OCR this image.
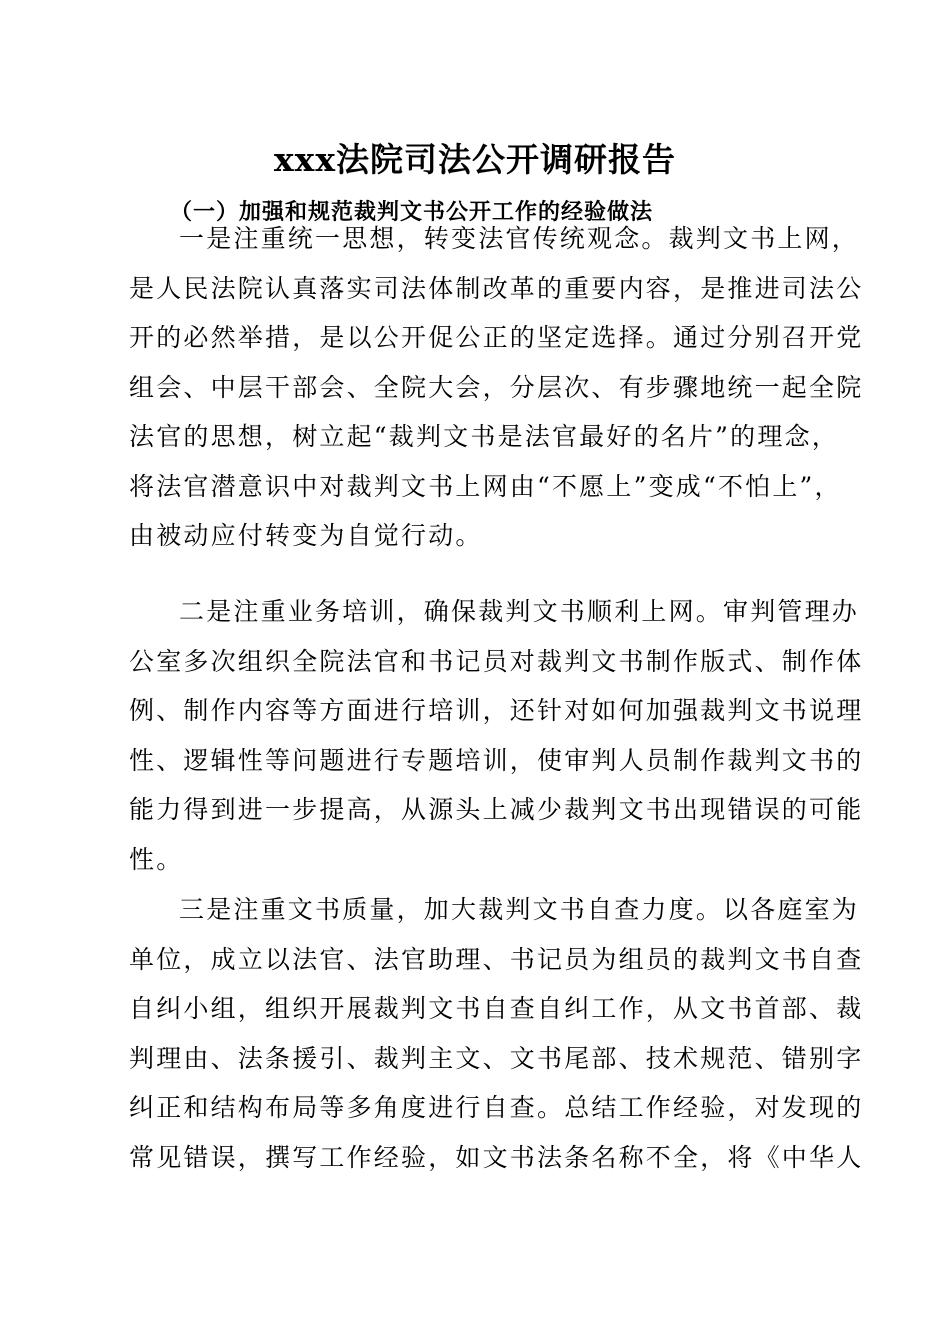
xxx法院司法公开调研报告
（一）加强和规范裁判文书公开工作的经验做法
一是注重统一思想，转变法官传统观念。裁判文书上网，
是人民法院认真落实司法体制改革的重要内容，是推进司法公
开的必然举措，是以公开促公正的坚定选择。通过分别召开党
组会、中层干部会、全院大会，分层次、有步骤地统一起全院
法官的思想，树立起“裁判文书是法官最好的名片”的理念，
将法官潜意识中对裁判文书上网由“不愿上”变成“不怕上”，
由被动应付转变为自觉行动。
二是注重业务培训，确保裁判文书顺利上网。审判管理办
公室多次组织全院法官和书记员对裁判文书制作版式、制作体
例、制作内容等方面进行培训，还针对如何加强裁判文书说理
性、逻辑性等问题进行专题培训，使审判人员制作裁判文书的
能力得到进一步提高，从源头上减少裁判文书出现错误的可能
性。
三是注重文书质量，加大裁判文书自查力度。以各庭室为
单位，成立以法官、法官助理、书记员为组员的裁判文书自查
自纠小组，组织开展裁判文书自查自纠工作，从文书首部、裁
判理由、法条援引、裁判主文、文书尾部、技术规范、错别字
纠正和结构布局等多角度进行自查。总结工作经验，对发现的
常见错误，撰写工作经验，如文书法条名称不全，将《中华人
